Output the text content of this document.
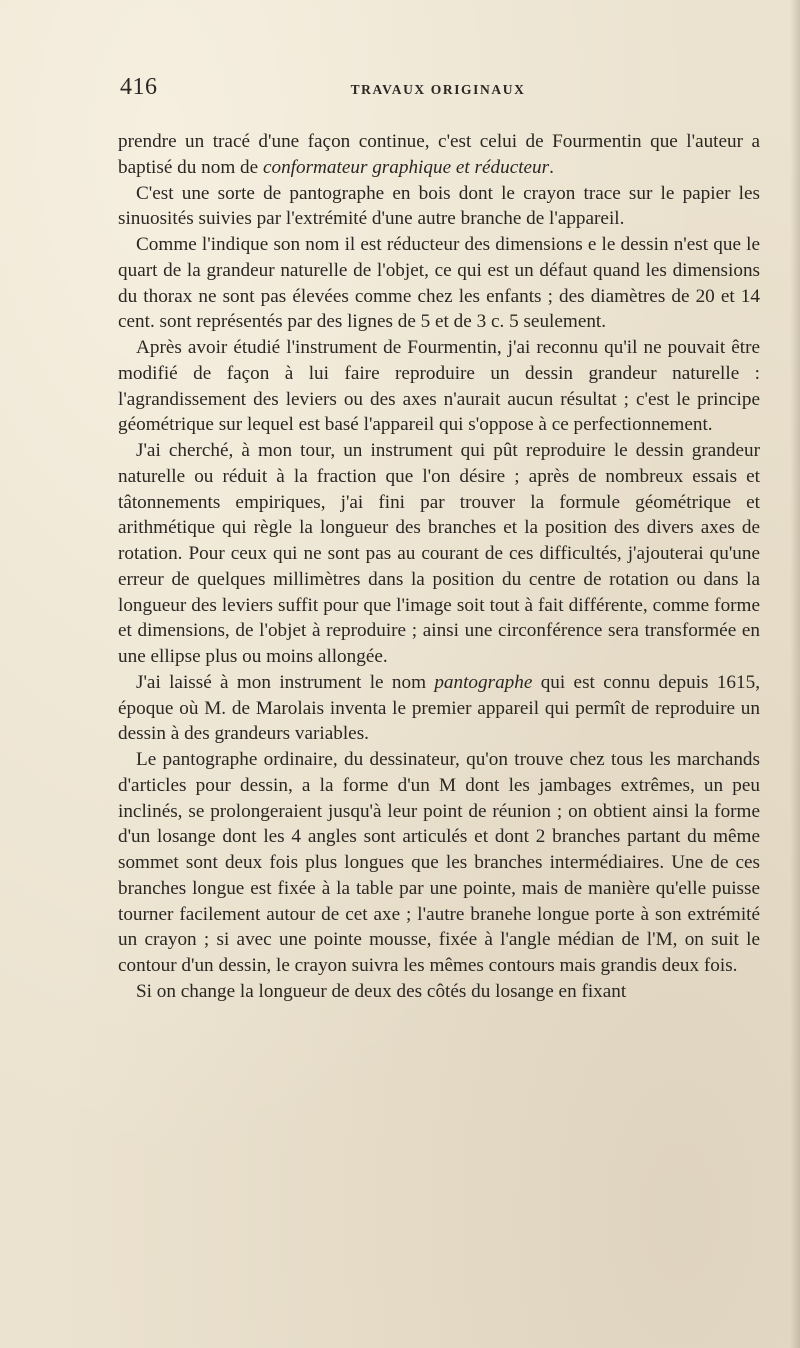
416	TRAVAUX ORIGINAUX

prendre un tracé d'une façon continue, c'est celui de Fourmentin que l'auteur a baptisé du nom de conformateur graphique et réducteur.

C'est une sorte de pantographe en bois dont le crayon trace sur le papier les sinuosités suivies par l'extrémité d'une autre branche de l'appareil.

Comme l'indique son nom il est réducteur des dimensions e le dessin n'est que le quart de la grandeur naturelle de l'objet, ce qui est un défaut quand les dimensions du thorax ne sont pas élevées comme chez les enfants ; des diamètres de 20 et 14 cent. sont représentés par des lignes de 5 et de 3 c. 5 seulement.

Après avoir étudié l'instrument de Fourmentin, j'ai reconnu qu'il ne pouvait être modifié de façon à lui faire reproduire un dessin grandeur naturelle : l'agrandissement des leviers ou des axes n'aurait aucun résultat ; c'est le principe géométrique sur lequel est basé l'appareil qui s'oppose à ce perfectionnement.

J'ai cherché, à mon tour, un instrument qui pût reproduire le dessin grandeur naturelle ou réduit à la fraction que l'on désire ; après de nombreux essais et tâtonnements empiriques, j'ai fini par trouver la formule géométrique et arithmétique qui règle la longueur des branches et la position des divers axes de rotation. Pour ceux qui ne sont pas au courant de ces difficultés, j'ajouterai qu'une erreur de quelques millimètres dans la position du centre de rotation ou dans la longueur des leviers suffit pour que l'image soit tout à fait différente, comme forme et dimensions, de l'objet à reproduire ; ainsi une circonférence sera transformée en une ellipse plus ou moins allongée.

J'ai laissé à mon instrument le nom pantographe qui est connu depuis 1615, époque où M. de Marolais inventa le premier appareil qui permît de reproduire un dessin à des grandeurs variables.

Le pantographe ordinaire, du dessinateur, qu'on trouve chez tous les marchands d'articles pour dessin, a la forme d'un M dont les jambages extrêmes, un peu inclinés, se prolongeraient jusqu'à leur point de réunion ; on obtient ainsi la forme d'un losange dont les 4 angles sont articulés et dont 2 branches partant du même sommet sont deux fois plus longues que les branches intermédiaires. Une de ces branches longue est fixée à la table par une pointe, mais de manière qu'elle puisse tourner facilement autour de cet axe ; l'autre branehe longue porte à son extrémité un crayon ; si avec une pointe mousse, fixée à l'angle médian de l'M, on suit le contour d'un dessin, le crayon suivra les mêmes contours mais grandis deux fois.

Si on change la longueur de deux des côtés du losange en fixant
